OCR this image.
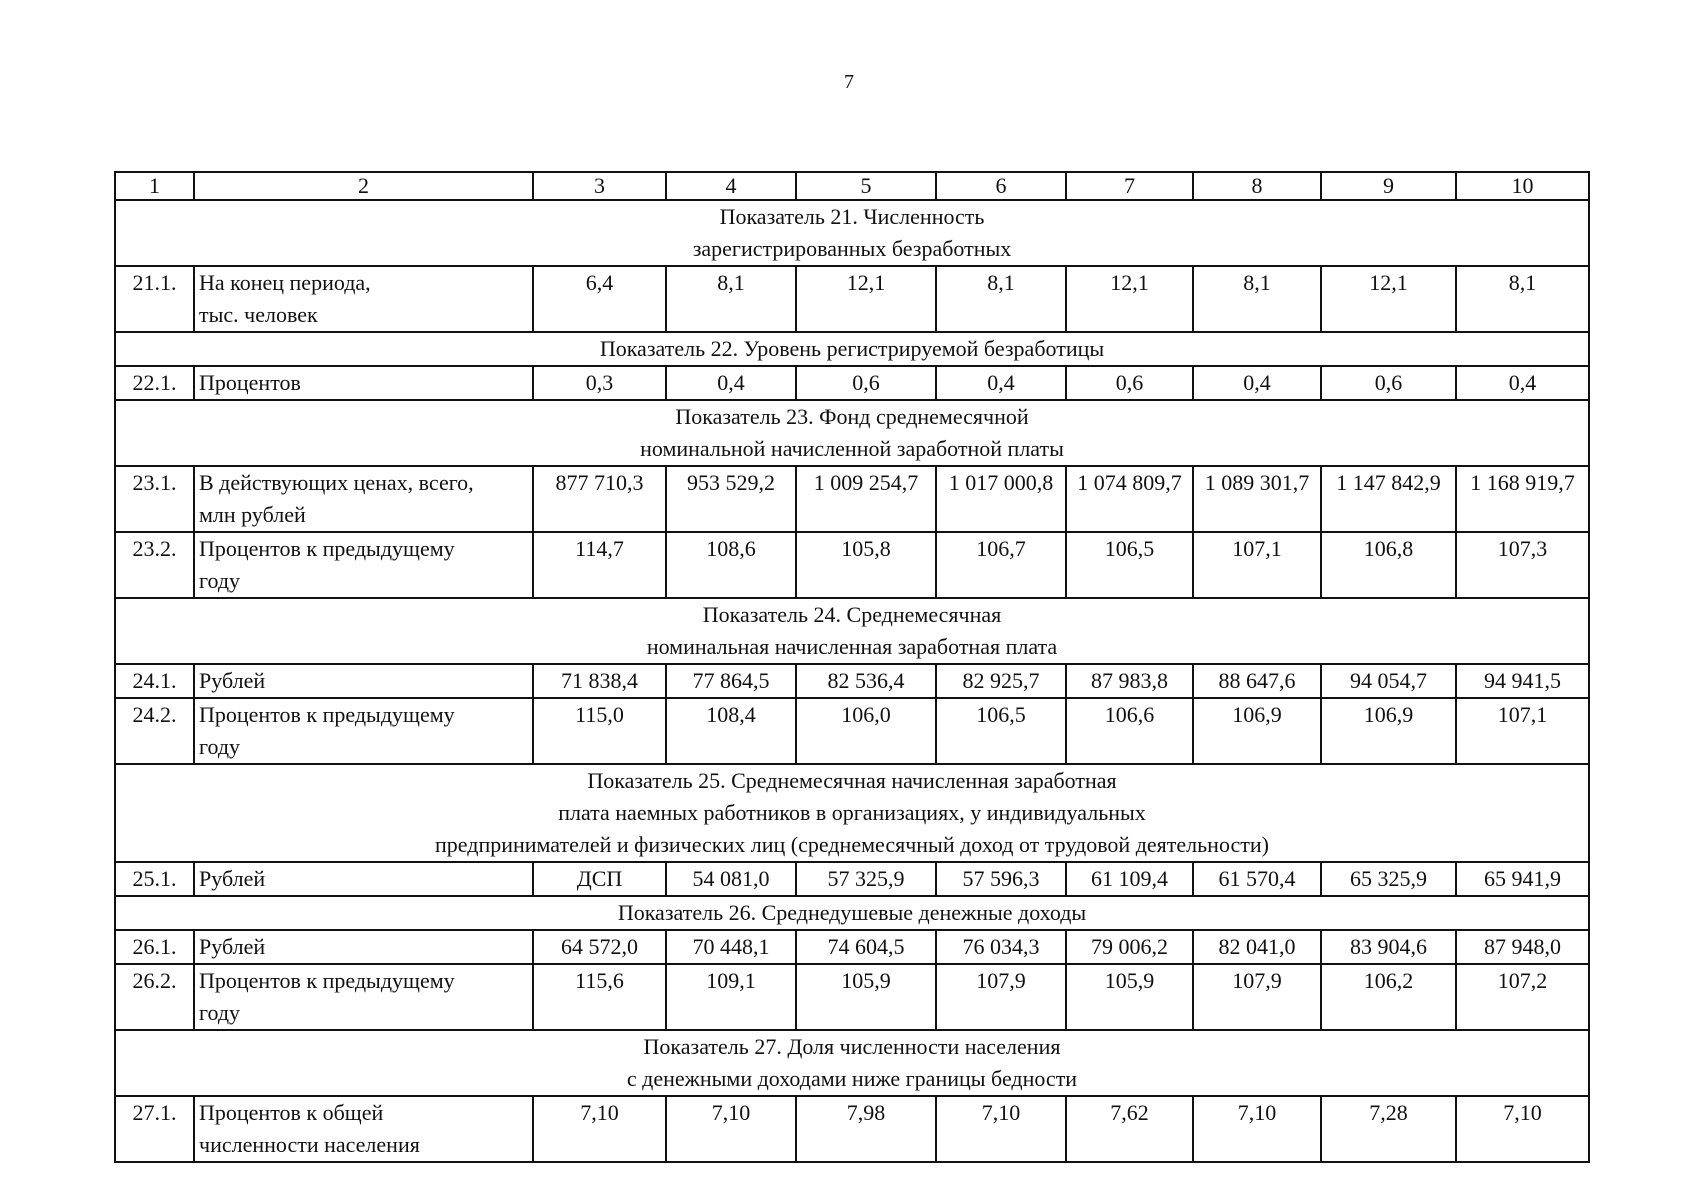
7
1	2	3	4	5	6	7	8	9	10

Показатель 21. Численность
зарегистрированных безработных									

21.1.	На конец периода,
тыс. человек	6,4	8,1	12,1	8,1	12,1	8,1	12,1	8,1

Показатель 22. Уровень регистрируемой безработицы									

22.1.	Процентов	0,3	0,4	0,6	0,4	0,6	0,4	0,6	0,4

Показатель 23. Фонд среднемесячной
номинальной начисленной заработной платы									

23.1.	В действующих ценах, всего,
млн рублей	877 710,3	953 529,2	1 009 254,7	1 017 000,8	1 074 809,7	1 089 301,7	1 147 842,9	1 168 919,7
23.2.	Процентов к предыдущему
году	114,7	108,6	105,8	106,7	106,5	107,1	106,8	107,3

Показатель 24. Среднемесячная
номинальная начисленная заработная плата									

24.1.	Рублей	71 838,4	77 864,5	82 536,4	82 925,7	87 983,8	88 647,6	94 054,7	94 941,5
24.2.	Процентов к предыдущему
году	115,0	108,4	106,0	106,5	106,6	106,9	106,9	107,1

Показатель 25. Среднемесячная начисленная заработная
плата наемных работников в организациях, у индивидуальных
предпринимателей и физических лиц (среднемесячный доход от трудовой деятельности)									

25.1.	Рублей	ДСП	54 081,0	57 325,9	57 596,3	61 109,4	61 570,4	65 325,9	65 941,9

Показатель 26. Среднедушевые денежные доходы									

26.1.	Рублей	64 572,0	70 448,1	74 604,5	76 034,3	79 006,2	82 041,0	83 904,6	87 948,0
26.2.	Процентов к предыдущему
году	115,6	109,1	105,9	107,9	105,9	107,9	106,2	107,2

Показатель 27. Доля численности населения
с денежными доходами ниже границы бедности									

27.1.	Процентов к общей
численности населения	7,10	7,10	7,98	7,10	7,62	7,10	7,28	7,10
